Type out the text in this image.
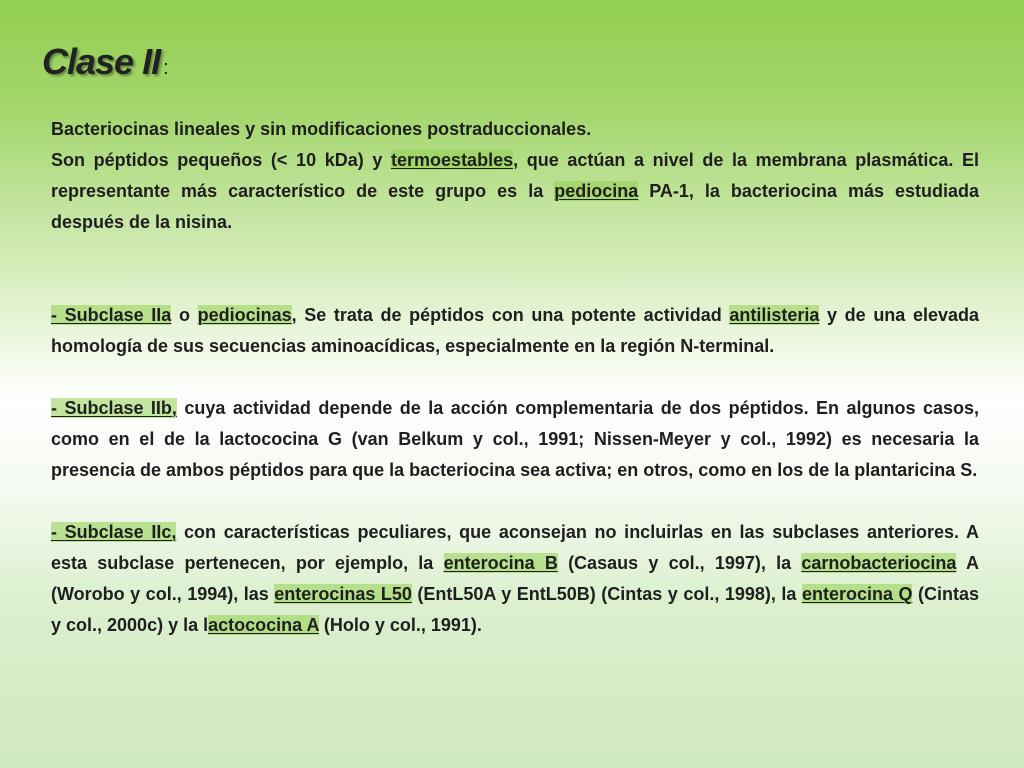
Clase II :

Bacteriocinas lineales y sin modificaciones postraduccionales.

Son péptidos pequeños (< 10 kDa) y termoestables, que actúan a nivel de la membrana plasmática. El representante más característico de este grupo es la pediocina PA-1, la bacteriocina más estudiada después de la nisina.

- Subclase IIa o pediocinas, Se trata de péptidos con una potente actividad antilisteria y de una elevada homología de sus secuencias aminoacídicas, especialmente en la región N-terminal.

- Subclase IIb, cuya actividad depende de la acción complementaria de dos péptidos. En algunos casos, como en el de la lactococina G (van Belkum y col., 1991; Nissen-Meyer y col., 1992) es necesaria la presencia de ambos péptidos para que la bacteriocina sea activa; en otros, como en los de la plantaricina S.

- Subclase IIc, con características peculiares, que aconsejan no incluirlas en las subclases anteriores. A esta subclase pertenecen, por ejemplo, la enterocina B (Casaus y col., 1997), la carnobacteriocina A (Worobo y col., 1994), las enterocinas L50 (EntL50A y EntL50B) (Cintas y col., 1998), la enterocina Q (Cintas y col., 2000c) y la lactococina A (Holo y col., 1991).
